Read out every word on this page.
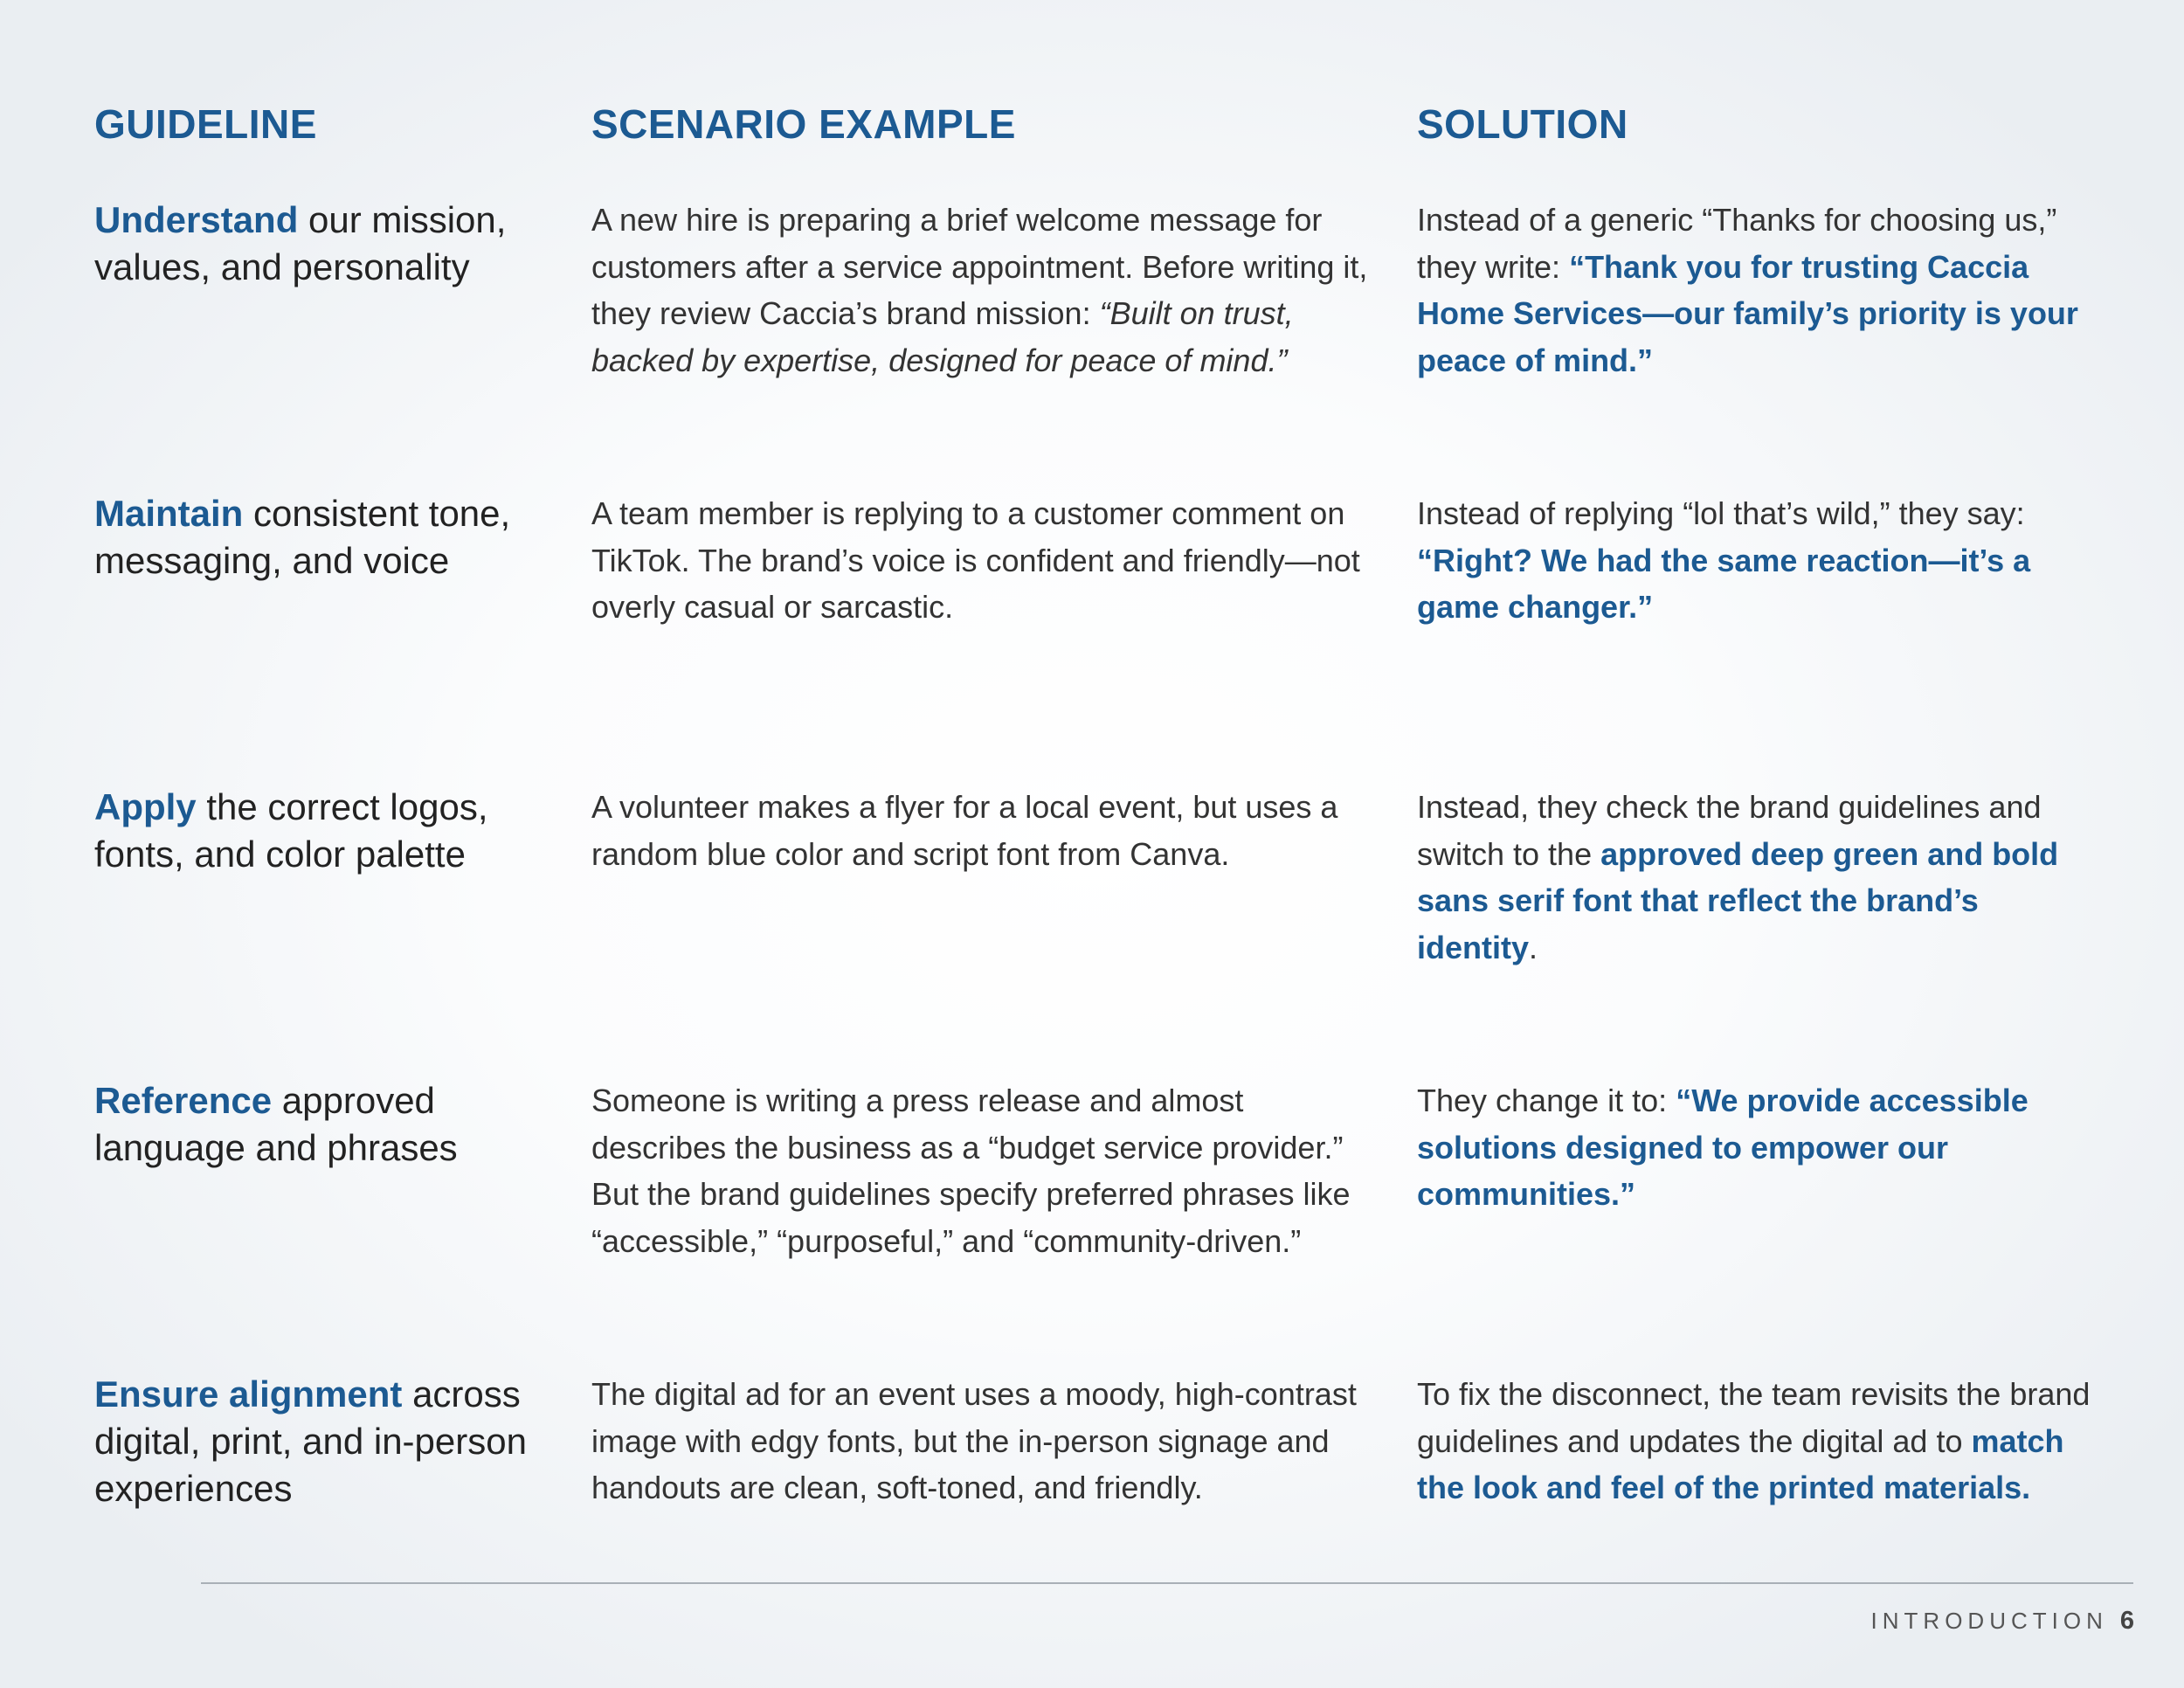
GUIDELINE	SCENARIO EXAMPLE	SOLUTION
Understand our mission, values, and personality
A new hire is preparing a brief welcome message for customers after a service appointment. Before writing it, they review Caccia’s brand mission: “Built on trust, backed by expertise, designed for peace of mind.”
Instead of a generic “Thanks for choosing us,” they write: “Thank you for trusting Caccia Home Services—our family’s priority is your peace of mind.”
Maintain consistent tone, messaging, and voice
A team member is replying to a customer comment on TikTok. The brand’s voice is confident and friendly—not overly casual or sarcastic.
Instead of replying “lol that’s wild,” they say: “Right? We had the same reaction—it’s a game changer.”
Apply the correct logos, fonts, and color palette
A volunteer makes a flyer for a local event, but uses a random blue color and script font from Canva.
Instead, they check the brand guidelines and switch to the approved deep green and bold sans serif font that reflect the brand’s identity.
Reference approved language and phrases
Someone is writing a press release and almost describes the business as a “budget service provider.” But the brand guidelines specify preferred phrases like “accessible,” “purposeful,” and “community-driven.”
They change it to: “We provide accessible solutions designed to empower our communities.”
Ensure alignment across digital, print, and in-person experiences
The digital ad for an event uses a moody, high-contrast image with edgy fonts, but the in-person signage and handouts are clean, soft-toned, and friendly.
To fix the disconnect, the team revisits the brand guidelines and updates the digital ad to match the look and feel of the printed materials.
INTRODUCTION 6
